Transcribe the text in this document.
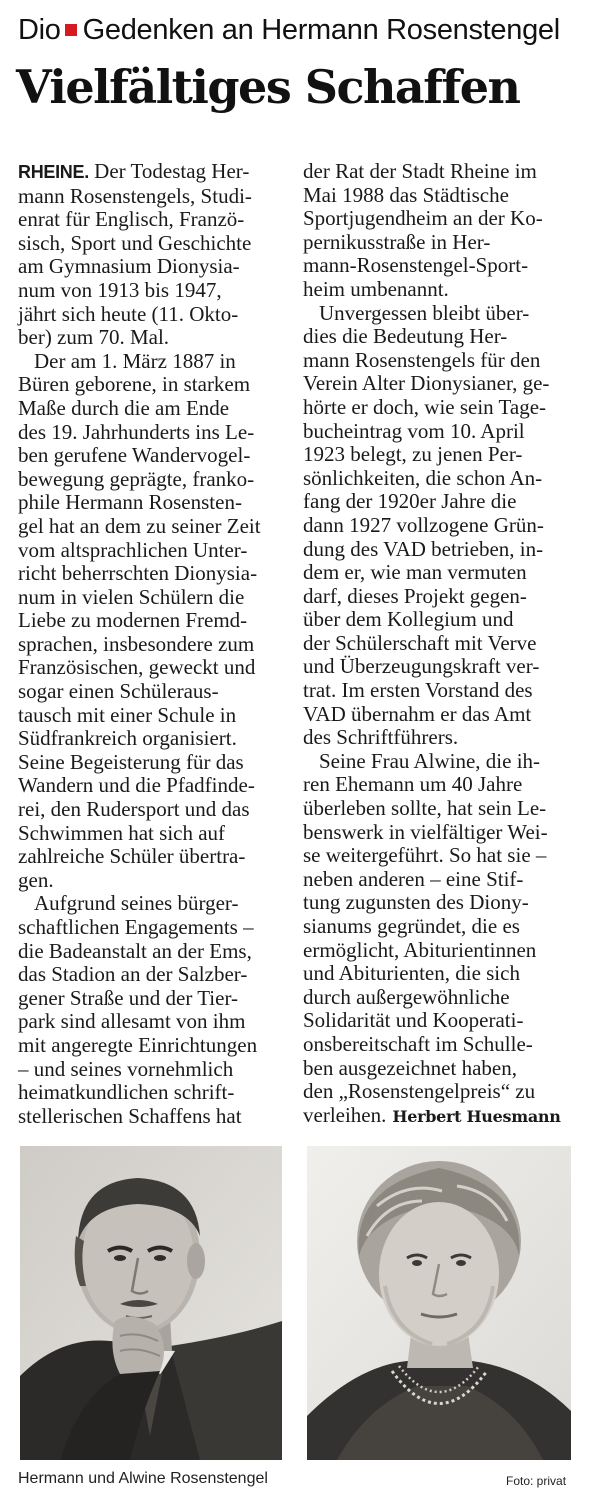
Dio Gedenken an Hermann Rosenstengel
Vielfältiges Schaffen

RHEINE. Der Todestag Her-
mann Rosenstengels, Studi-
enrat für Englisch, Franzö-
sisch, Sport und Geschichte
am Gymnasium Dionysia-
num von 1913 bis 1947,
jährt sich heute (11. Okto-
ber) zum 70. Mal.

Der am 1. März 1887 in
Büren geborene, in starkem
Maße durch die am Ende
des 19. Jahrhunderts ins Le-
ben gerufene Wandervogel-
bewegung geprägte, franko-
phile Hermann Rosensten-
gel hat an dem zu seiner Zeit
vom altsprachlichen Unter-
richt beherrschten Dionysia-
num in vielen Schülern die
Liebe zu modernen Fremd-
sprachen, insbesondere zum
Französischen, geweckt und
sogar einen Schüleraus-
tausch mit einer Schule in
Südfrankreich organisiert.
Seine Begeisterung für das
Wandern und die Pfadfinde-
rei, den Rudersport und das
Schwimmen hat sich auf
zahlreiche Schüler übertra-
gen.

Aufgrund seines bürger-
schaftlichen Engagements –
die Badeanstalt an der Ems,
das Stadion an der Salzber-
gener Straße und der Tier-
park sind allesamt von ihm
mit angeregte Einrichtungen
– und seines vornehmlich
heimatkundlichen schrift-
stellerischen Schaffens hat

der Rat der Stadt Rheine im
Mai 1988 das Städtische
Sportjugendheim an der Ko-
pernikusstraße in Her-
mann-Rosenstengel-Sport-
heim umbenannt.

Unvergessen bleibt über-
dies die Bedeutung Her-
mann Rosenstengels für den
Verein Alter Dionysianer, ge-
hörte er doch, wie sein Tage-
bucheintrag vom 10. April
1923 belegt, zu jenen Per-
sönlichkeiten, die schon An-
fang der 1920er Jahre die
dann 1927 vollzogene Grün-
dung des VAD betrieben, in-
dem er, wie man vermuten
darf, dieses Projekt gegen-
über dem Kollegium und
der Schülerschaft mit Verve
und Überzeugungskraft ver-
trat. Im ersten Vorstand des
VAD übernahm er das Amt
des Schriftführers.

Seine Frau Alwine, die ih-
ren Ehemann um 40 Jahre
überleben sollte, hat sein Le-
benswerk in vielfältiger Wei-
se weitergeführt. So hat sie –
neben anderen – eine Stif-
tung zugunsten des Diony-
sianums gegründet, die es
ermöglicht, Abiturientinnen
und Abiturienten, die sich
durch außergewöhnliche
Solidarität und Kooperati-
onsbereitschaft im Schulle-
ben ausgezeichnet haben,
den „Rosenstengelpreis“ zu
verleihen. Herbert Huesmann

Hermann und Alwine Rosenstengel	Foto: privat
